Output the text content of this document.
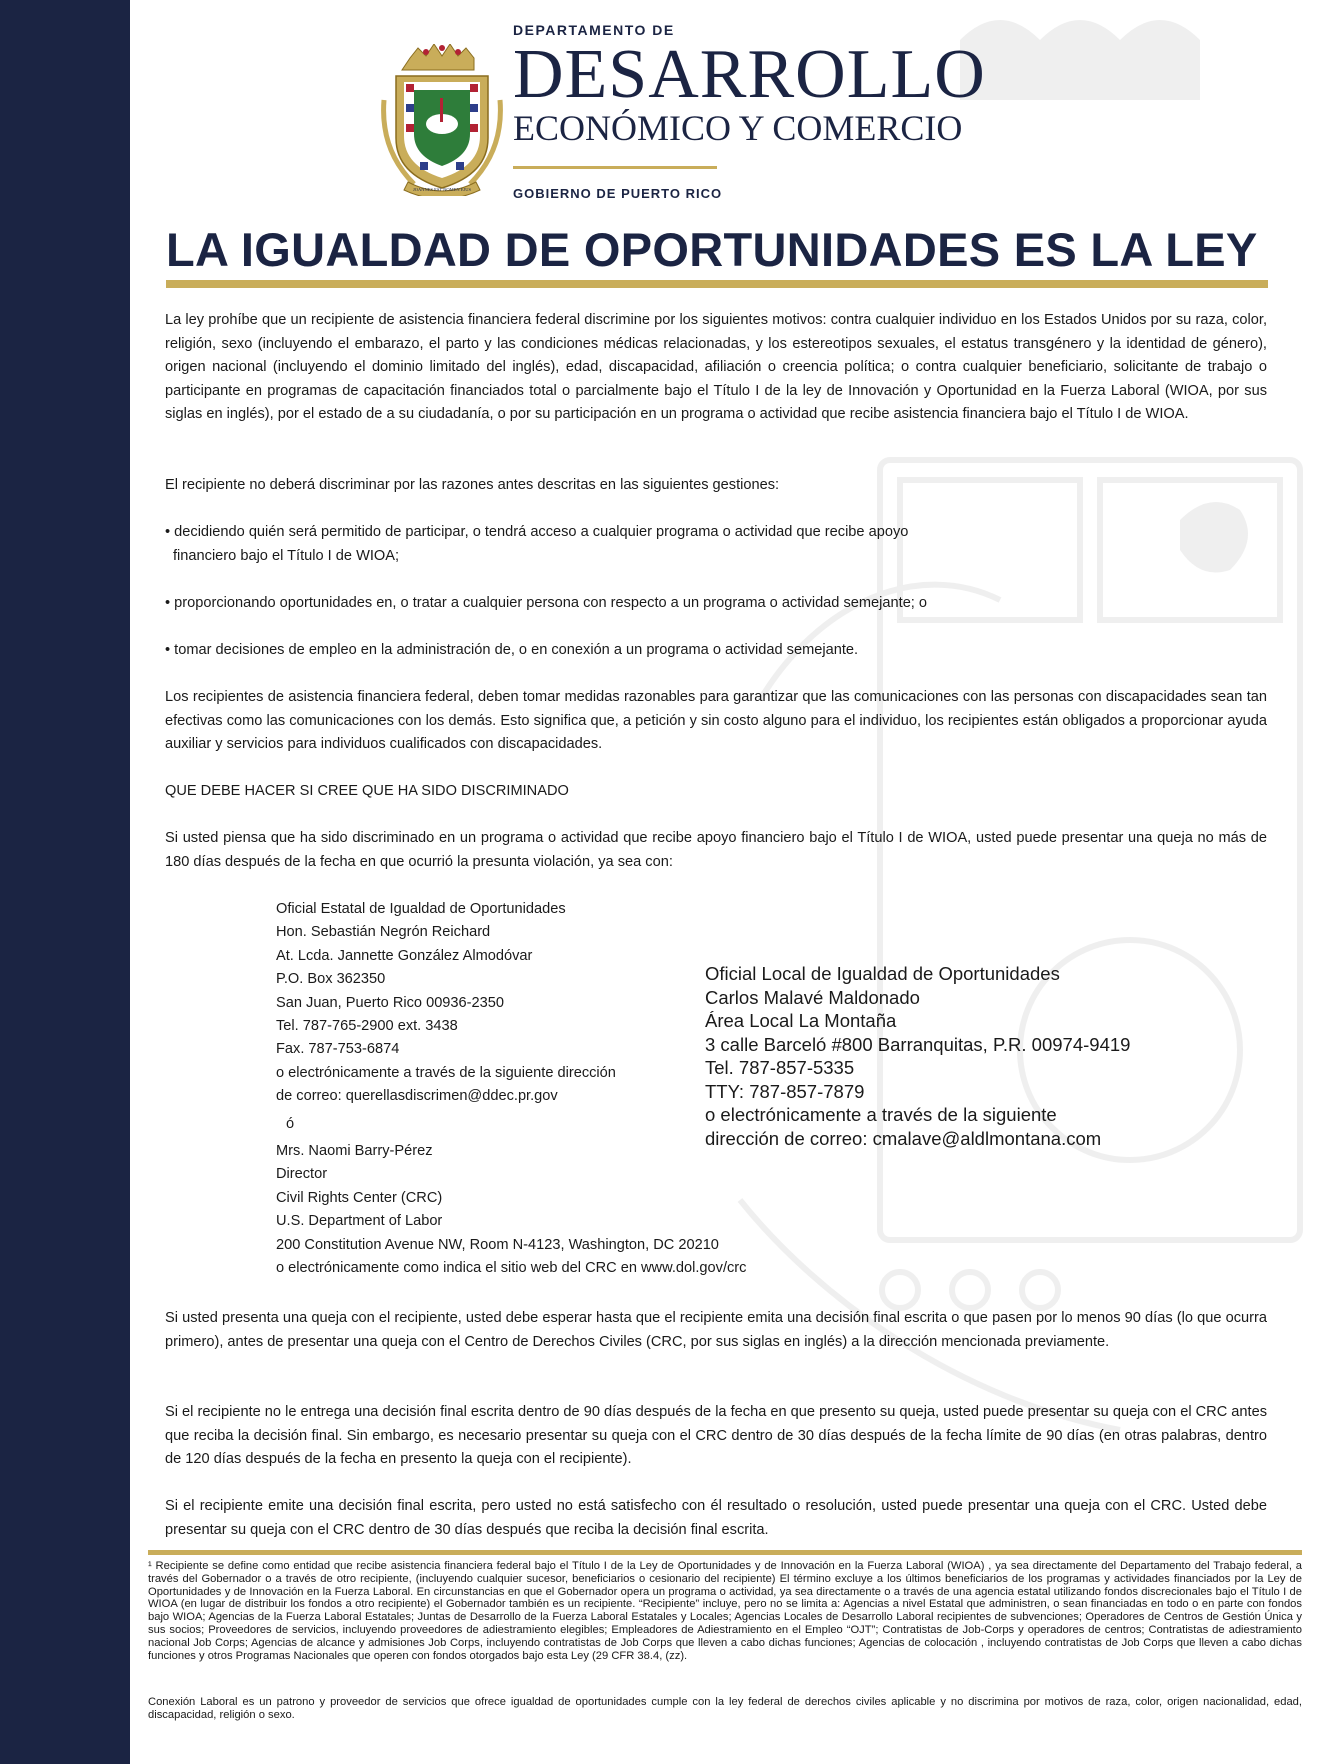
JOANNES EST NOMEN EJUS
DEPARTAMENTO DE
DESARROLLO
ECONÓMICO Y COMERCIO
GOBIERNO DE PUERTO RICO
LA IGUALDAD DE OPORTUNIDADES ES LA LEY
La ley prohíbe que un recipiente de asistencia financiera federal discrimine por los siguientes motivos: contra cualquier individuo en los Estados Unidos por su raza, color, religión, sexo (incluyendo el embarazo, el parto y las condiciones médicas relacionadas, y los estereotipos sexuales, el estatus transgénero y la identidad de género), origen nacional (incluyendo el dominio limitado del inglés), edad, discapacidad, afiliación o creencia política; o contra cualquier beneficiario, solicitante de trabajo o participante en programas de capacitación financiados total o parcialmente bajo el Título I de la ley de Innovación y Oportunidad en la Fuerza Laboral (WIOA, por sus siglas en inglés), por el estado de a su ciudadanía, o por su participación en un programa o actividad que recibe asistencia financiera bajo el Título I de WIOA.
El recipiente no deberá discriminar por las razones antes descritas en las siguientes gestiones:
• decidiendo quién será permitido de participar, o tendrá acceso a cualquier programa o actividad que recibe apoyo
financiero bajo el Título I de WIOA;
• proporcionando oportunidades en, o tratar a cualquier persona con respecto a un programa o actividad semejante; o
• tomar decisiones de empleo en la administración de, o en conexión a un programa o actividad semejante.
Los recipientes de asistencia financiera federal, deben tomar medidas razonables para garantizar que las comunicaciones con las personas con discapacidades sean tan efectivas como las comunicaciones con los demás. Esto significa que, a petición y sin costo alguno para el individuo, los recipientes están obligados a proporcionar ayuda auxiliar y servicios para individuos cualificados con discapacidades.
QUE DEBE HACER SI CREE QUE HA SIDO DISCRIMINADO
Si usted piensa que ha sido discriminado en un programa o actividad que recibe apoyo financiero bajo el Título I de WIOA, usted puede presentar una queja no más de 180 días después de la fecha en que ocurrió la presunta violación, ya sea con:
Oficial Estatal de Igualdad de Oportunidades
Hon. Sebastián Negrón Reichard
At. Lcda. Jannette González Almodóvar
P.O. Box 362350
San Juan, Puerto Rico 00936-2350
Tel. 787-765-2900 ext. 3438
Fax. 787-753-6874
o electrónicamente a través de la siguiente dirección
de correo: querellasdiscrimen@ddec.pr.gov
ó
Mrs. Naomi Barry-Pérez
Director
Civil Rights Center (CRC)
U.S. Department of Labor
200 Constitution Avenue NW, Room N-4123, Washington, DC 20210
o electrónicamente como indica el sitio web del CRC en www.dol.gov/crc
Oficial Local de Igualdad de Oportunidades
Carlos Malavé Maldonado
Área Local La Montaña
3 calle Barceló #800 Barranquitas, P.R. 00974-9419
Tel. 787-857-5335
TTY: 787-857-7879
o electrónicamente a través de la siguiente
dirección de correo: cmalave@aldlmontana.com
Si usted presenta una queja con el recipiente, usted debe esperar hasta que el recipiente emita una decisión final escrita o que pasen por lo menos 90 días (lo que ocurra primero), antes de presentar una queja con el Centro de Derechos Civiles (CRC, por sus siglas en inglés) a la dirección mencionada previamente.
Si el recipiente no le entrega una decisión final escrita dentro de 90 días después de la fecha en que presento su queja, usted puede presentar su queja con el CRC antes que reciba la decisión final. Sin embargo, es necesario presentar su queja con el CRC dentro de 30 días después de la fecha límite de 90 días (en otras palabras, dentro de 120 días después de la fecha en presento la queja con el recipiente).
Si el recipiente emite una decisión final escrita, pero usted no está satisfecho con él resultado o resolución, usted puede presentar una queja con el CRC. Usted debe presentar su queja con el CRC dentro de 30 días después que reciba la decisión final escrita.
¹ Recipiente se define como entidad que recibe asistencia financiera federal bajo el Título I de la Ley de Oportunidades y de Innovación en la Fuerza Laboral (WIOA) , ya sea directamente del Departamento del Trabajo federal, a través del Gobernador o a través de otro recipiente, (incluyendo cualquier sucesor, beneficiarios o cesionario del recipiente) El término excluye a los últimos beneficiarios de los programas y actividades financiados por la Ley de Oportunidades y de Innovación en la Fuerza Laboral. En circunstancias en que el Gobernador opera un programa o actividad, ya sea directamente o a través de una agencia estatal utilizando fondos discrecionales bajo el Título I de WIOA (en lugar de distribuir los fondos a otro recipiente) el Gobernador también es un recipiente. “Recipiente” incluye, pero no se limita a: Agencias a nivel Estatal que administren, o sean financiadas en todo o en parte con fondos bajo WIOA; Agencias de la Fuerza Laboral Estatales; Juntas de Desarrollo de la Fuerza Laboral Estatales y Locales; Agencias Locales de Desarrollo Laboral recipientes de subvenciones; Operadores de Centros de Gestión Única y sus socios; Proveedores de servicios, incluyendo proveedores de adiestramiento elegibles; Empleadores de Adiestramiento en el Empleo “OJT”; Contratistas de Job-Corps y operadores de centros; Contratistas de adiestramiento nacional Job Corps; Agencias de alcance y admisiones Job Corps, incluyendo contratistas de Job Corps que lleven a cabo dichas funciones; Agencias de colocación , incluyendo contratistas de Job Corps que lleven a cabo dichas funciones y otros Programas Nacionales que operen con fondos otorgados bajo esta Ley (29 CFR 38.4, (zz).
Conexión Laboral es un patrono y proveedor de servicios que ofrece igualdad de oportunidades cumple con la ley federal de derechos civiles aplicable y no discrimina por motivos de raza, color, origen nacionalidad, edad, discapacidad, religión o sexo.
